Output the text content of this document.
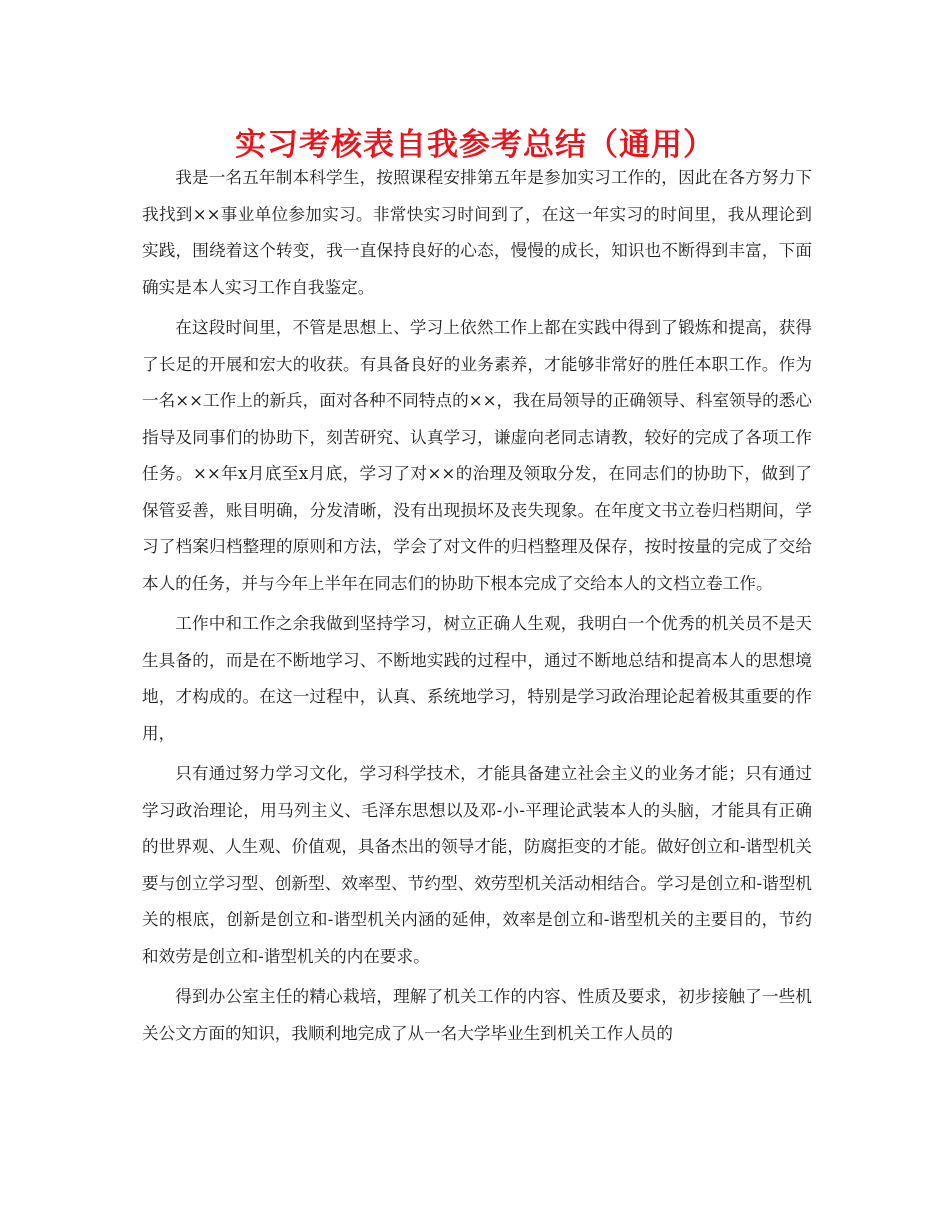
实习考核表自我参考总结（通用）

我是一名五年制本科学生，按照课程安排第五年是参加实习工作的，因此在各方努力下我找到××事业单位参加实习。非常快实习时间到了，在这一年实习的时间里，我从理论到实践，围绕着这个转变，我一直保持良好的心态，慢慢的成长，知识也不断得到丰富，下面确实是本人实习工作自我鉴定。

在这段时间里，不管是思想上、学习上依然工作上都在实践中得到了锻炼和提高，获得了长足的开展和宏大的收获。有具备良好的业务素养，才能够非常好的胜任本职工作。作为一名××工作上的新兵，面对各种不同特点的××，我在局领导的正确领导、科室领导的悉心指导及同事们的协助下，刻苦研究、认真学习，谦虚向老同志请教，较好的完成了各项工作任务。××年x月底至x月底，学习了对××的治理及领取分发，在同志们的协助下，做到了保管妥善，账目明确，分发清晰，没有出现损坏及丧失现象。在年度文书立卷归档期间，学习了档案归档整理的原则和方法，学会了对文件的归档整理及保存，按时按量的完成了交给本人的任务，并与今年上半年在同志们的协助下根本完成了交给本人的文档立卷工作。

工作中和工作之余我做到坚持学习，树立正确人生观，我明白一个优秀的机关员不是天生具备的，而是在不断地学习、不断地实践的过程中，通过不断地总结和提高本人的思想境地，才构成的。在这一过程中，认真、系统地学习，特别是学习政治理论起着极其重要的作用，

只有通过努力学习文化，学习科学技术，才能具备建立社会主义的业务才能；只有通过学习政治理论，用马列主义、毛泽东思想以及邓-小-平理论武装本人的头脑，才能具有正确的世界观、人生观、价值观，具备杰出的领导才能，防腐拒变的才能。做好创立和-谐型机关要与创立学习型、创新型、效率型、节约型、效劳型机关活动相结合。学习是创立和-谐型机关的根底，创新是创立和-谐型机关内涵的延伸，效率是创立和-谐型机关的主要目的，节约和效劳是创立和-谐型机关的内在要求。

得到办公室主任的精心栽培，理解了机关工作的内容、性质及要求，初步接触了一些机关公文方面的知识，我顺利地完成了从一名大学毕业生到机关工作人员的
